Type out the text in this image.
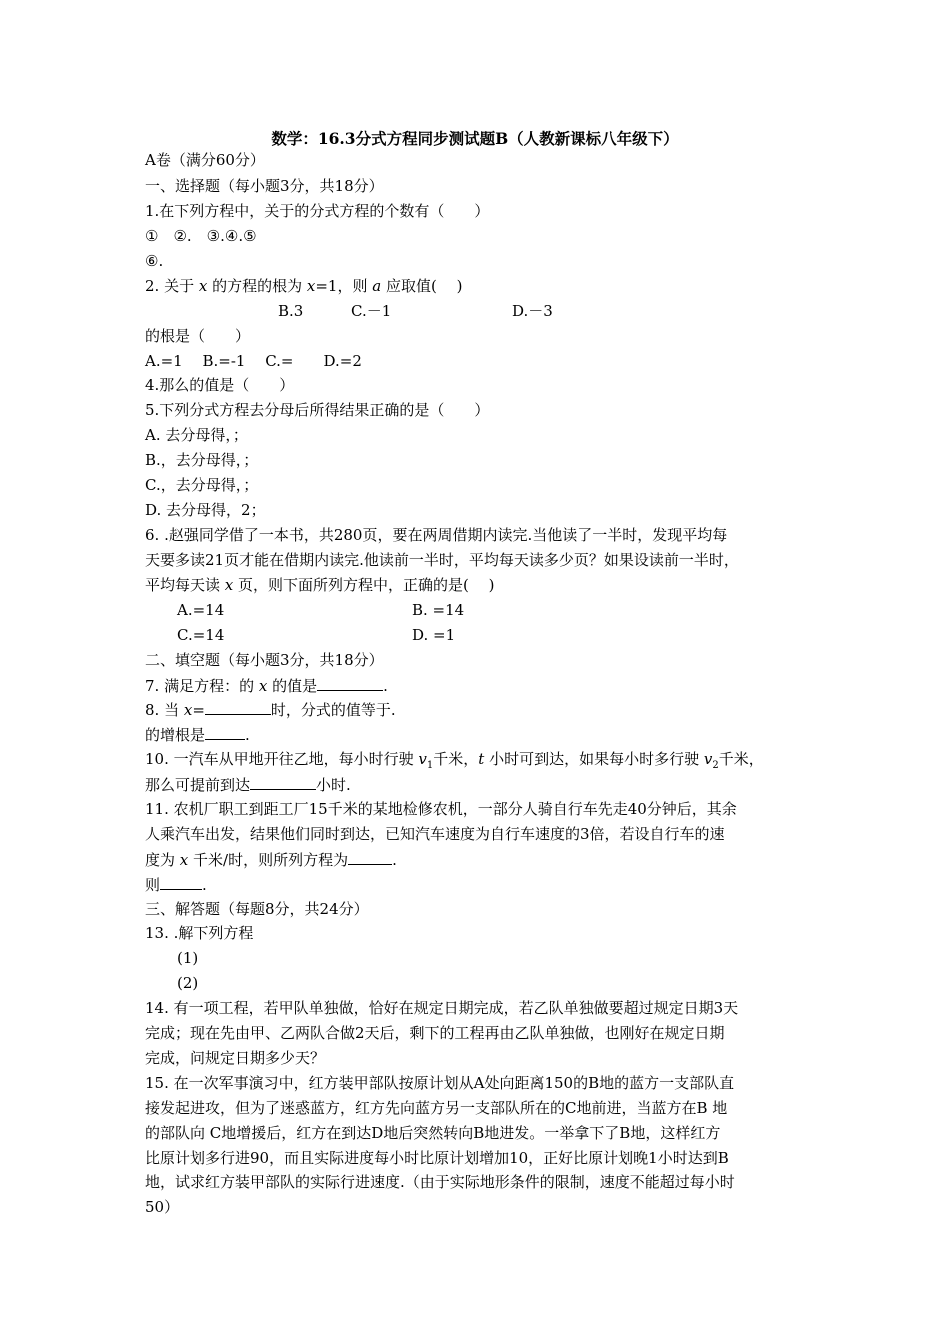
数学：16.3分式方程同步测试题B（人教新课标八年级下）
A卷（满分60分）
一、选择题（每小题3分，共18分）
1.在下列方程中，关于的分式方程的个数有（　　）
①　②.　③.④.⑤
⑥.
2. 关于 x 的方程的根为 x=1，则 a 应取值(　 )
B.3	C.－1	D.－3
的根是（　　）
A.=1　 B.=-1　 C.=　　D.=2
4.那么的值是（　　）
5.下列分式方程去分母后所得结果正确的是（　　）
A. 去分母得，；
B.，去分母得，；
C.，去分母得，；
D. 去分母得，2；
6. .赵强同学借了一本书，共280页，要在两周借期内读完.当他读了一半时，发现平均每
天要多读21页才能在借期内读完.他读前一半时，平均每天读多少页？如果设读前一半时，
平均每天读 x 页，则下面所列方程中，正确的是(　 )
A.=14	B. =14
C.=14	D. =1
二、填空题（每小题3分，共18分）
7. 满足方程：的 x 的值是	.
8. 当 x=	时，分式的值等于.
的增根是	.
10. 一汽车从甲地开往乙地，每小时行驶 $v_1$千米，t 小时可到达，如果每小时多行驶 $v_2$千米，
那么可提前到达	小时.
11. 农机厂职工到距工厂15千米的某地检修农机，一部分人骑自行车先走40分钟后，其余
人乘汽车出发，结果他们同时到达，已知汽车速度为自行车速度的3倍，若设自行车的速
度为 x 千米/时，则所列方程为	.
则	.
三、解答题（每题8分，共24分）
13. .解下列方程
(1)
(2)
14. 有一项工程，若甲队单独做，恰好在规定日期完成，若乙队单独做要超过规定日期3天
完成；现在先由甲、乙两队合做2天后，剩下的工程再由乙队单独做，也刚好在规定日期
完成，问规定日期多少天？
15. 在一次军事演习中，红方装甲部队按原计划从A处向距离150的B地的蓝方一支部队直
接发起进攻，但为了迷惑蓝方，红方先向蓝方另一支部队所在的C地前进，当蓝方在B 地
的部队向 C地增援后，红方在到达D地后突然转向B地进发。一举拿下了B地，这样红方
比原计划多行进90，而且实际进度每小时比原计划增加10，正好比原计划晚1小时达到B
地，试求红方装甲部队的实际行进速度.（由于实际地形条件的限制，速度不能超过每小时
50）
